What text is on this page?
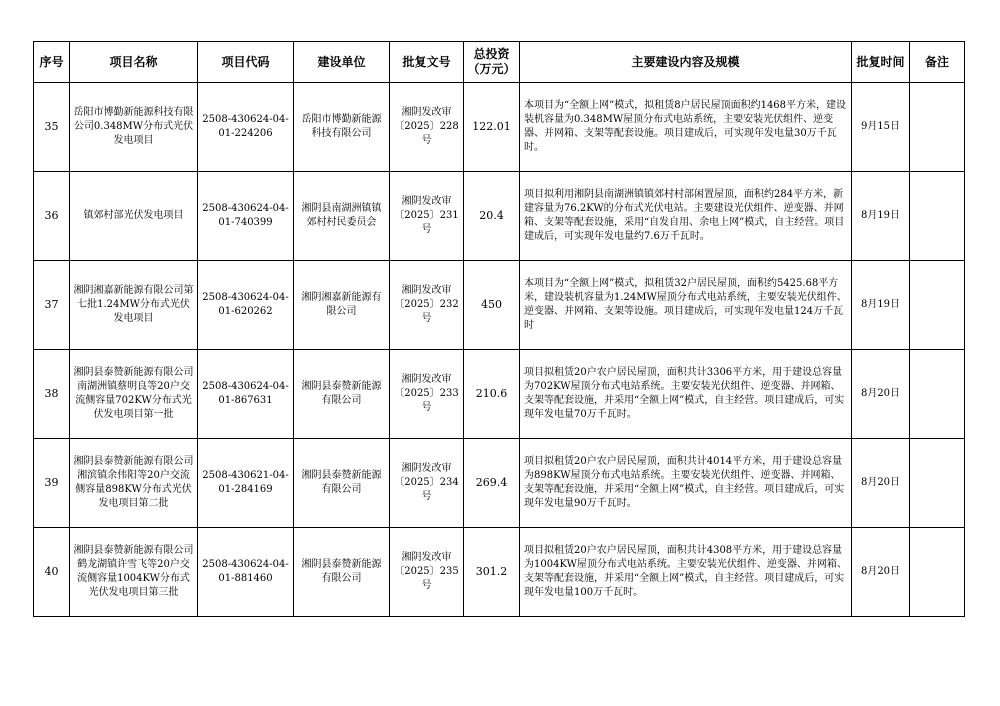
序号	项目名称	项目代码	建设单位	批复文号	总投资
（万元）	主要建设内容及规模	批复时间	备注
35	岳阳市博勤新能源科技有限公司0.348MW分布式光伏发电项目	2508-430624-04-01-224206	岳阳市博勤新能源科技有限公司	湘阴发改审〔2025〕228号	122.01	本项目为“全额上网”模式，拟租赁8户居民屋顶面积约1468平方米，建设装机容量为0.348MW屋顶分布式电站系统，主要安装光伏组件、逆变器、并网箱、支架等配套设施。项目建成后，可实现年发电量30万千瓦时。	9月15日	
36	镇郊村部光伏发电项目	2508-430624-04-01-740399	湘阴县南湖洲镇镇郊村村民委员会	湘阴发改审〔2025〕231号	20.4	项目拟利用湘阴县南湖洲镇镇郊村村部闲置屋顶，面积约284平方米，新建容量为76.2KW的分布式光伏电站。主要建设光伏组件、逆变器、并网箱、支架等配套设施，采用“自发自用、余电上网”模式，自主经营。项目建成后，可实现年发电量约7.6万千瓦时。	8月19日	
37	湘阴湘嘉新能源有限公司第七批1.24MW分布式光伏发电项目	2508-430624-04-01-620262	湘阴湘嘉新能源有限公司	湘阴发改审〔2025〕232号	450	本项目为“全额上网”模式，拟租赁32户居民屋顶，面积约5425.68平方米，建设装机容量为1.24MW屋顶分布式电站系统，主要安装光伏组件、逆变器、并网箱、支架等设施。项目建成后，可实现年发电量124万千瓦时	8月19日	
38	湘阴县泰赞新能源有限公司南湖洲镇蔡明良等20户交流侧容量702KW分布式光伏发电项目第一批	2508-430624-04-01-867631	湘阴县泰赞新能源有限公司	湘阴发改审〔2025〕233号	210.6	项目拟租赁20户农户居民屋顶，面积共计3306平方米，用于建设总容量为702KW屋顶分布式电站系统。主要安装光伏组件、逆变器、并网箱、支架等配套设施，并采用“全额上网”模式，自主经营。项目建成后，可实现年发电量70万千瓦时。	8月20日	
39	湘阴县泰赞新能源有限公司湘滨镇余伟阳等20户交流侧容量898KW分布式光伏发电项目第二批	2508-430621-04-01-284169	湘阴县泰赞新能源有限公司	湘阴发改审〔2025〕234号	269.4	项目拟租赁20户农户居民屋顶，面积共计4014平方米，用于建设总容量为898KW屋顶分布式电站系统。主要安装光伏组件、逆变器、并网箱、支架等配套设施，并采用“全额上网”模式，自主经营。项目建成后，可实现年发电量90万千瓦时。	8月20日	
40	湘阴县泰赞新能源有限公司鹤龙湖镇许雪飞等20户交流侧容量1004KW分布式光伏发电项目第三批	2508-430624-04-01-881460	湘阴县泰赞新能源有限公司	湘阴发改审〔2025〕235号	301.2	项目拟租赁20户农户居民屋顶，面积共计4308平方米，用于建设总容量为1004KW屋顶分布式电站系统。主要安装光伏组件、逆变器、并网箱、支架等配套设施，并采用“全额上网”模式，自主经营。项目建成后，可实现年发电量100万千瓦时。	8月20日	
